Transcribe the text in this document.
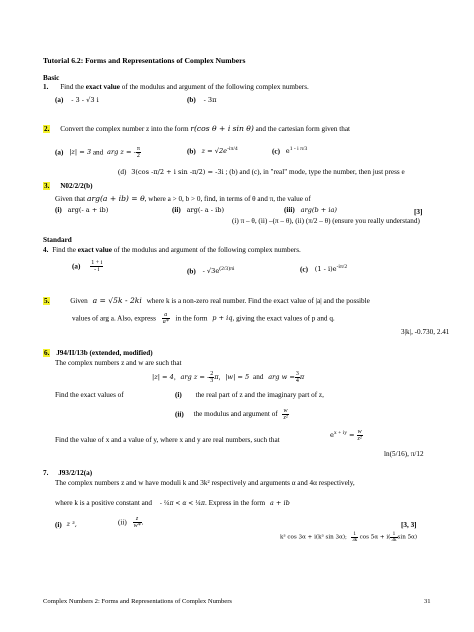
Tutorial 6.2: Forms and Representations of Complex Numbers
Basic
1. Find the exact value of the modulus and argument of the following complex numbers.
(a) - 3 - √3 i	(b) - 3π
2. Convert the complex number z into the form r(cos θ + i sin θ) and the cartesian form given that
(a) |z| = 3 and arg z = - $\frac{\pi}{2}$	(b) $z = √2e^{-i\pi/4}$	(c) $e^{1 - i \pi/3}$
(d) 3(cos -π/2 + i sin -π/2) = -3i ; (b) and (c), in "real" mode, type the number, then just press e
3. N02/2/2(b)
Given that arg(a + ib) = θ, where a > 0, b > 0, find, in terms of θ and π, the value of
(i) arg(- a + ib)	(ii) arg(- a - ib)	(iii) arg(b + ia)	[3]
(i) π – θ, (ii) –(π – θ), (ii) (π/2 – θ) (ensure you really understand)
Standard
4. Find the exact value of the modulus and argument of the following complex numbers.
$(a) \frac{1 + i}{- i}$	$(b) - √3e^{(2/3)\pi i}$	(c) $(1 - i)e^{-i\pi/2}$
5.	Given a = √5k - 2ki where k is a non-zero real number. Find the exact value of |a| and the possible
values of arg a. Also, express $\frac{a}{a*}$ in the form p + iq, giving the exact values of p and q.
3|k|, -0.730, 2.41
6. J94/II/13b (extended, modified)
The complex numbers z and w are such that
|z| = 4, arg z = - $\frac{2}{3} \pi$, |w| = 5 and arg $w = \frac{3}{4}$ π
Find the exact values of	(i) the real part of z and the imaginary part of z,
(ii) the modulus and argument of $\frac{w}{\text{z²}}$
Find the value of x and a value of y, where x and y are real numbers, such that
$e^{x + iy} = \frac{w}{\text{z²}}$
ln(5/16), π/12
7. J93/2/12(a)
The complex numbers z and w have moduli k and 3k² respectively and arguments α and 4α respectively,
where k is a positive constant and - ¼π < α < ¼π. Express in the form a + ib
(i) z ³,	$(ii) \frac{z}{w*}$ .	[3, 3]
k³ cos 3α + i(k³ sin 3α); $\frac{1}{3k}$ $\cos 5\alpha + i( \frac{1}{3k}$ sin 5α)
Complex Numbers 2: Forms and Representations of Complex Numbers	31
